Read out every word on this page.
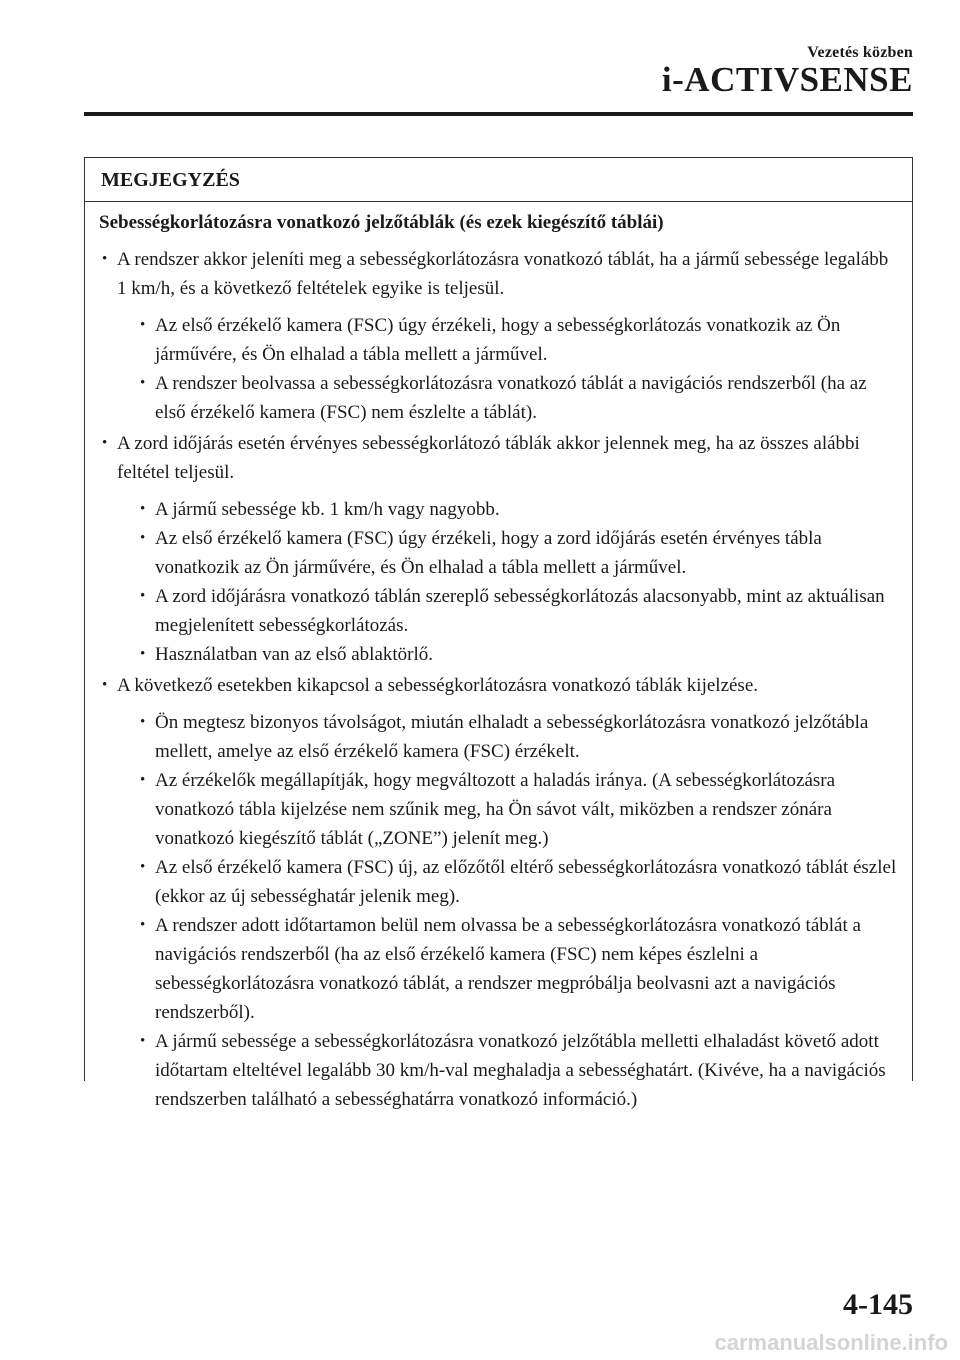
Vezetés közben
i-ACTIVSENSE
MEGJEGYZÉS
Sebességkorlátozásra vonatkozó jelzőtáblák (és ezek kiegészítő táblái)
• A rendszer akkor jeleníti meg a sebességkorlátozásra vonatkozó táblát, ha a jármű sebessége legalább 1 km/h, és a következő feltételek egyike is teljesül.
• Az első érzékelő kamera (FSC) úgy érzékeli, hogy a sebességkorlátozás vonatkozik az Ön járművére, és Ön elhalad a tábla mellett a járművel.
• A rendszer beolvassa a sebességkorlátozásra vonatkozó táblát a navigációs rendszerből (ha az első érzékelő kamera (FSC) nem észlelte a táblát).
• A zord időjárás esetén érvényes sebességkorlátozó táblák akkor jelennek meg, ha az összes alábbi feltétel teljesül.
• A jármű sebessége kb. 1 km/h vagy nagyobb.
• Az első érzékelő kamera (FSC) úgy érzékeli, hogy a zord időjárás esetén érvényes tábla vonatkozik az Ön járművére, és Ön elhalad a tábla mellett a járművel.
• A zord időjárásra vonatkozó táblán szereplő sebességkorlátozás alacsonyabb, mint az aktuálisan megjelenített sebességkorlátozás.
• Használatban van az első ablaktörlő.
• A következő esetekben kikapcsol a sebességkorlátozásra vonatkozó táblák kijelzése.
• Ön megtesz bizonyos távolságot, miután elhaladt a sebességkorlátozásra vonatkozó jelzőtábla mellett, amelye az első érzékelő kamera (FSC) érzékelt.
• Az érzékelők megállapítják, hogy megváltozott a haladás iránya. (A sebességkorlátozásra vonatkozó tábla kijelzése nem szűnik meg, ha Ön sávot vált, miközben a rendszer zónára vonatkozó kiegészítő táblát („ZONE”) jelenít meg.)
• Az első érzékelő kamera (FSC) új, az előzőtől eltérő sebességkorlátozásra vonatkozó táblát észlel (ekkor az új sebességhatár jelenik meg).
• A rendszer adott időtartamon belül nem olvassa be a sebességkorlátozásra vonatkozó táblát a navigációs rendszerből (ha az első érzékelő kamera (FSC) nem képes észlelni a sebességkorlátozásra vonatkozó táblát, a rendszer megpróbálja beolvasni azt a navigációs rendszerből).
• A jármű sebessége a sebességkorlátozásra vonatkozó jelzőtábla melletti elhaladást követő adott időtartam elteltével legalább 30 km/h-val meghaladja a sebességhatárt. (Kivéve, ha a navigációs rendszerben található a sebességhatárra vonatkozó információ.)
4-145
carmanualsonline.info
